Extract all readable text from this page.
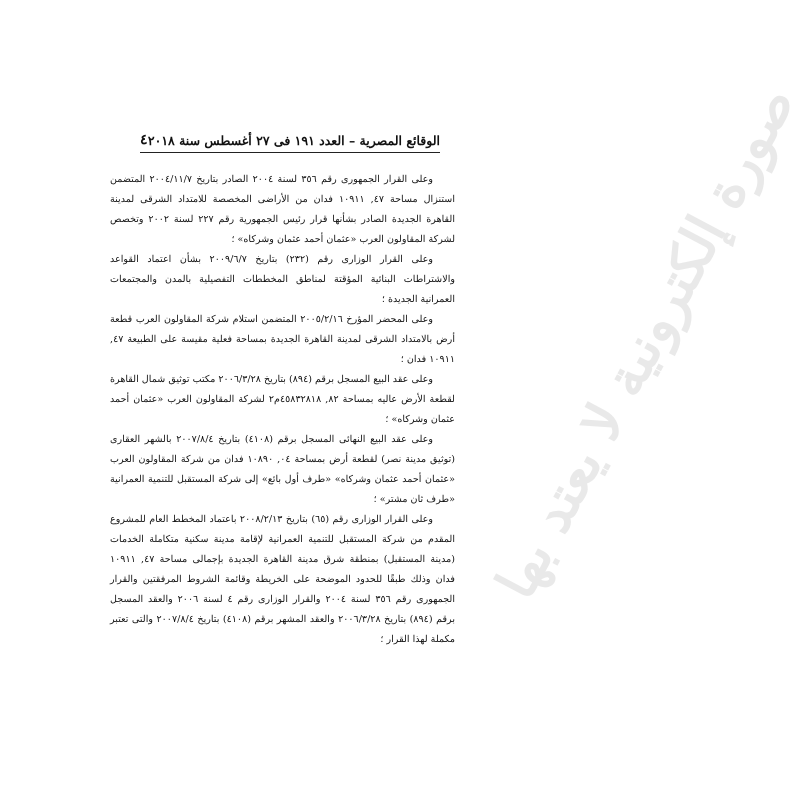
صورة إلكترونية لا يعتد بها
٤ الوقائع المصرية – العدد ١٩١ فى ٢٧ أغسطس سنة ٢٠١٨

وعلى القرار الجمهورى رقم ٣٥٦ لسنة ٢٠٠٤ الصادر بتاريخ ٢٠٠٤/١١/٧ المتضمن استنزال مساحة ٤٧, ١٠٩١١ فدان من الأراضى المخصصة للامتداد الشرقى لمدينة القاهرة الجديدة الصادر بشأنها قرار رئيس الجمهورية رقم ٢٢٧ لسنة ٢٠٠٢ وتخصص لشركة المقاولون العرب «عثمان أحمد عثمان وشركاه» ؛

وعلى القرار الوزارى رقم (٢٣٢) بتاريخ ٢٠٠٩/٦/٧ بشأن اعتماد القواعد والاشتراطات البنائية المؤقتة لمناطق المخططات التفصيلية بالمدن والمجتمعات العمرانية الجديدة ؛

وعلى المحضر المؤرخ ٢٠٠٥/٢/١٦ المتضمن استلام شركة المقاولون العرب قطعة أرض بالامتداد الشرقى لمدينة القاهرة الجديدة بمساحة فعلية مقيسة على الطبيعة ٤٧, ١٠٩١١ فدان ؛

وعلى عقد البيع المسجل برقم (٨٩٤) بتاريخ ٢٠٠٦/٣/٢٨ مكتب توثيق شمال القاهرة لقطعة الأرض عاليه بمساحة ٨٢, ٤٥٨٣٢٨١٨م٢ لشركة المقاولون العرب «عثمان أحمد عثمان وشركاه» ؛

وعلى عقد البيع النهائى المسجل برقم (٤١٠٨) بتاريخ ٢٠٠٧/٨/٤ بالشهر العقارى (توثيق مدينة نصر) لقطعة أرض بمساحة ٠٤, ١٠٨٩٠ فدان من شركة المقاولون العرب «عثمان أحمد عثمان وشركاه» «طرف أول بائع» إلى شركة المستقبل للتنمية العمرانية «طرف ثان مشتر» ؛

وعلى القرار الوزارى رقم (٦٥) بتاريخ ٢٠٠٨/٢/١٣ باعتماد المخطط العام للمشروع المقدم من شركة المستقبل للتنمية العمرانية لإقامة مدينة سكنية متكاملة الخدمات (مدينة المستقبل) بمنطقة شرق مدينة القاهرة الجديدة بإجمالى مساحة ٤٧, ١٠٩١١ فدان وذلك طبقًا للحدود الموضحة على الخريطة وقائمة الشروط المرفقتين والقرار الجمهورى رقم ٣٥٦ لسنة ٢٠٠٤ والقرار الوزارى رقم ٤ لسنة ٢٠٠٦ والعقد المسجل برقم (٨٩٤) بتاريخ ٢٠٠٦/٣/٢٨ والعقد المشهر برقم (٤١٠٨) بتاريخ ٢٠٠٧/٨/٤ والتى تعتبر مكملة لهذا القرار ؛
